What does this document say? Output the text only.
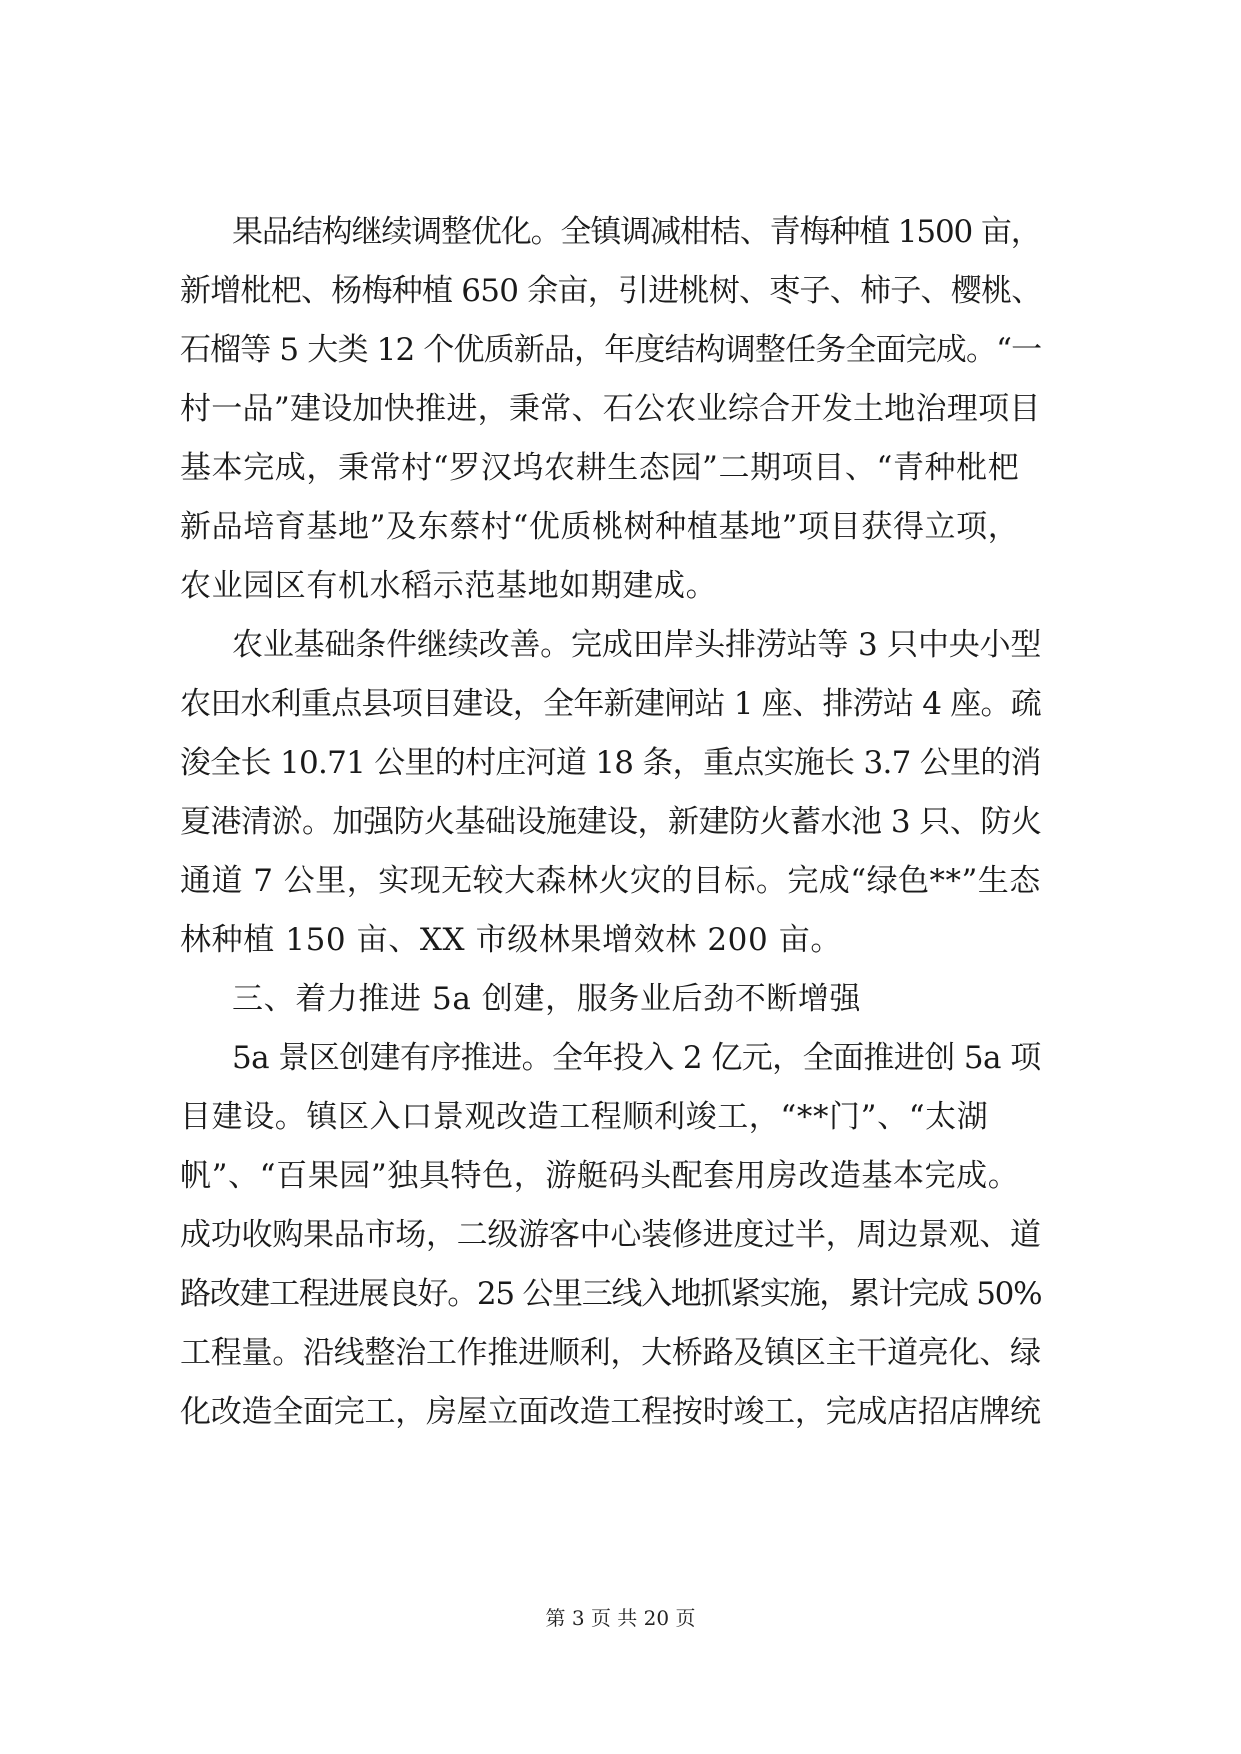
果品结构继续调整优化。全镇调减柑桔、青梅种植 1500 亩，
新增枇杷、杨梅种植 650 余亩，引进桃树、枣子、柿子、樱桃、
石榴等 5 大类 12 个优质新品，年度结构调整任务全面完成。“一
村一品”建设加快推进，秉常、石公农业综合开发土地治理项目
基本完成，秉常村“罗汉坞农耕生态园”二期项目、“青种枇杷
新品培育基地”及东蔡村“优质桃树种植基地”项目获得立项，
农业园区有机水稻示范基地如期建成。
农业基础条件继续改善。完成田岸头排涝站等 3 只中央小型
农田水利重点县项目建设，全年新建闸站 1 座、排涝站 4 座。疏
浚全长 10.71 公里的村庄河道 18 条，重点实施长 3.7 公里的消
夏港清淤。加强防火基础设施建设，新建防火蓄水池 3 只、防火
通道 7 公里，实现无较大森林火灾的目标。完成“绿色**”生态
林种植 150 亩、XX 市级林果增效林 200 亩。
三、着力推进 5a 创建，服务业后劲不断增强
5a 景区创建有序推进。全年投入 2 亿元，全面推进创 5a 项
目建设。镇区入口景观改造工程顺利竣工，“**门”、“太湖
帆”、“百果园”独具特色，游艇码头配套用房改造基本完成。
成功收购果品市场，二级游客中心装修进度过半，周边景观、道
路改建工程进展良好。25 公里三线入地抓紧实施，累计完成 50%
工程量。沿线整治工作推进顺利，大桥路及镇区主干道亮化、绿
化改造全面完工，房屋立面改造工程按时竣工，完成店招店牌统
第 3 页 共 20 页
